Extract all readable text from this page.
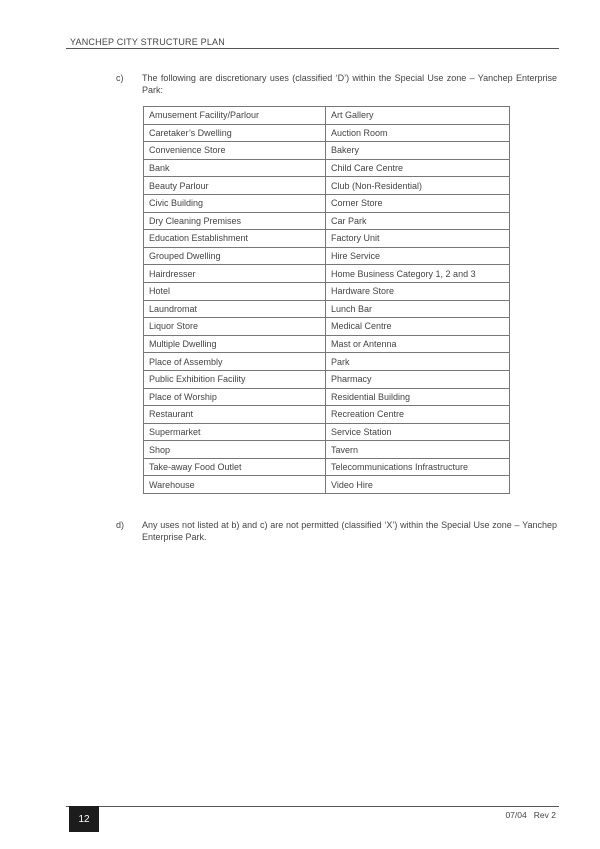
YANCHEP CITY STRUCTURE PLAN
c) The following are discretionary uses (classified ‘D’) within the Special Use zone – Yanchep Enterprise Park:
Amusement Facility/Parlour	Art Gallery
Caretaker’s Dwelling	Auction Room
Convenience Store	Bakery
Bank	Child Care Centre
Beauty Parlour	Club (Non-Residential)
Civic Building	Corner Store
Dry Cleaning Premises	Car Park
Education Establishment	Factory Unit
Grouped Dwelling	Hire Service
Hairdresser	Home Business Category 1, 2 and 3
Hotel	Hardware Store
Laundromat	Lunch Bar
Liquor Store	Medical Centre
Multiple Dwelling	Mast or Antenna
Place of Assembly	Park
Public Exhibition Facility	Pharmacy
Place of Worship	Residential Building
Restaurant	Recreation Centre
Supermarket	Service Station
Shop	Tavern
Take-away Food Outlet	Telecommunications Infrastructure
Warehouse	Video Hire
d) Any uses not listed at b) and c) are not permitted (classified ‘X’) within the Special Use zone – Yanchep Enterprise Park.
12	07/04   Rev 2
